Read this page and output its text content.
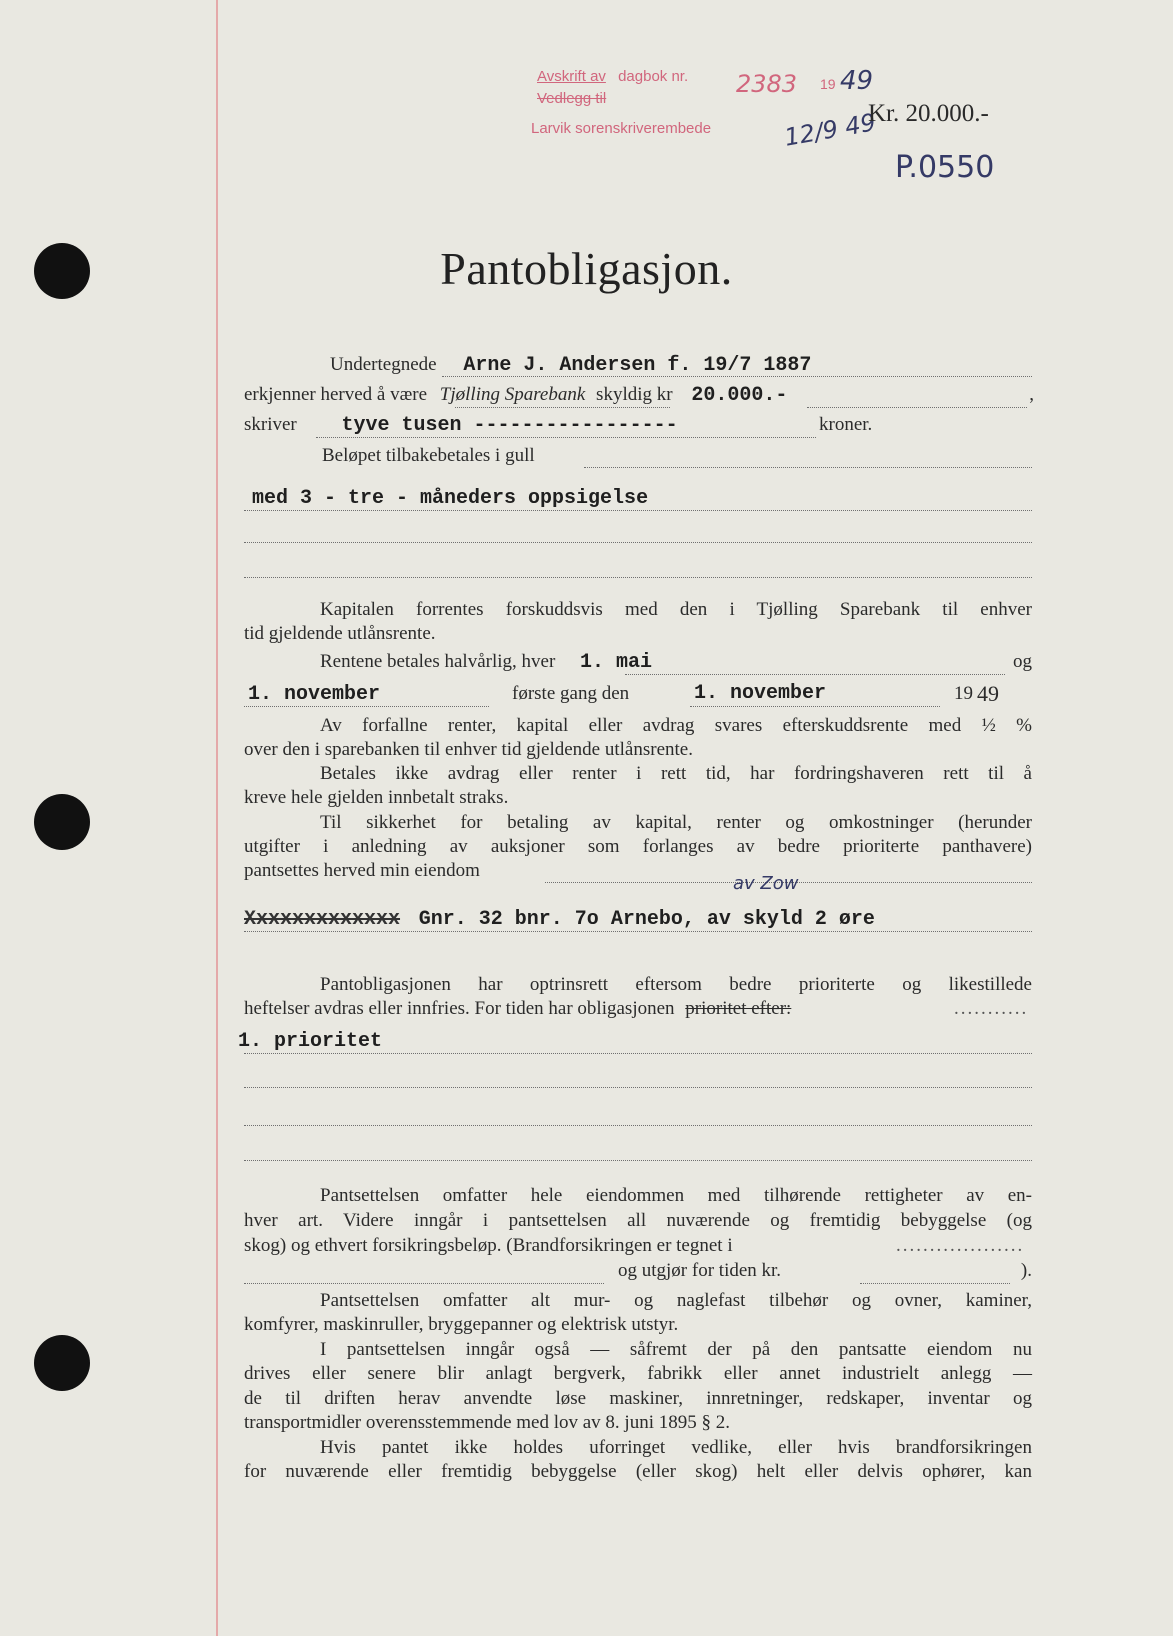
Avskrift av dagbok nr.
Vedlegg til
Larvik sorenskriverembede
19
2383 49
12/9 49
Kr. 20.000.-
P.0550
Pantobligasjon.
Undertegnede Arne J. Andersen f. 19/7 1887
erkjenner herved å være Tjølling Sparebank skyldig kr 20.000.-	,
skriver tyve tusen -----------------	kroner.
Beløpet tilbakebetales i gull
med 3 - tre - måneders oppsigelse
Kapitalen forrentes forskuddsvis med den i Tjølling Sparebank til enhver
tid gjeldende utlånsrente.
Rentene betales halvårlig, hver 1. mai	og
1. november	første gang den	1. november	19 49
Av forfallne renter, kapital eller avdrag svares efterskuddsrente med ½ %
over den i sparebanken til enhver tid gjeldende utlånsrente.
Betales ikke avdrag eller renter i rett tid, har fordringshaveren rett til å
kreve hele gjelden innbetalt straks.
Til sikkerhet for betaling av kapital, renter og omkostninger (herunder
utgifter i anledning av auksjoner som forlanges av bedre prioriterte panthavere)
pantsettes herved min eiendom
av Zow
Xxxxxxxxxxxxx Gnr. 32 bnr. 7o Arnebo, av skyld 2 øre
Pantobligasjonen har optrinsrett eftersom bedre prioriterte og likestillede
heftelser avdras eller innfries. For tiden har obligasjonen prioritet efter:	...........
1. prioritet
Pantsettelsen omfatter hele eiendommen med tilhørende rettigheter av en-
hver art. Videre inngår i pantsettelsen all nuværende og fremtidig bebyggelse (og
skog) og ethvert forsikringsbeløp. (Brandforsikringen er tegnet i	...................
og utgjør for tiden kr.	).
Pantsettelsen omfatter alt mur- og naglefast tilbehør og ovner, kaminer,
komfyrer, maskinruller, bryggepanner og elektrisk utstyr.
I pantsettelsen inngår også — såfremt der på den pantsatte eiendom nu
drives eller senere blir anlagt bergverk, fabrikk eller annet industrielt anlegg —
de til driften herav anvendte løse maskiner, innretninger, redskaper, inventar og
transportmidler overensstemmende med lov av 8. juni 1895 § 2.
Hvis pantet ikke holdes uforringet vedlike, eller hvis brandforsikringen
for nuværende eller fremtidig bebyggelse (eller skog) helt eller delvis ophører, kan
